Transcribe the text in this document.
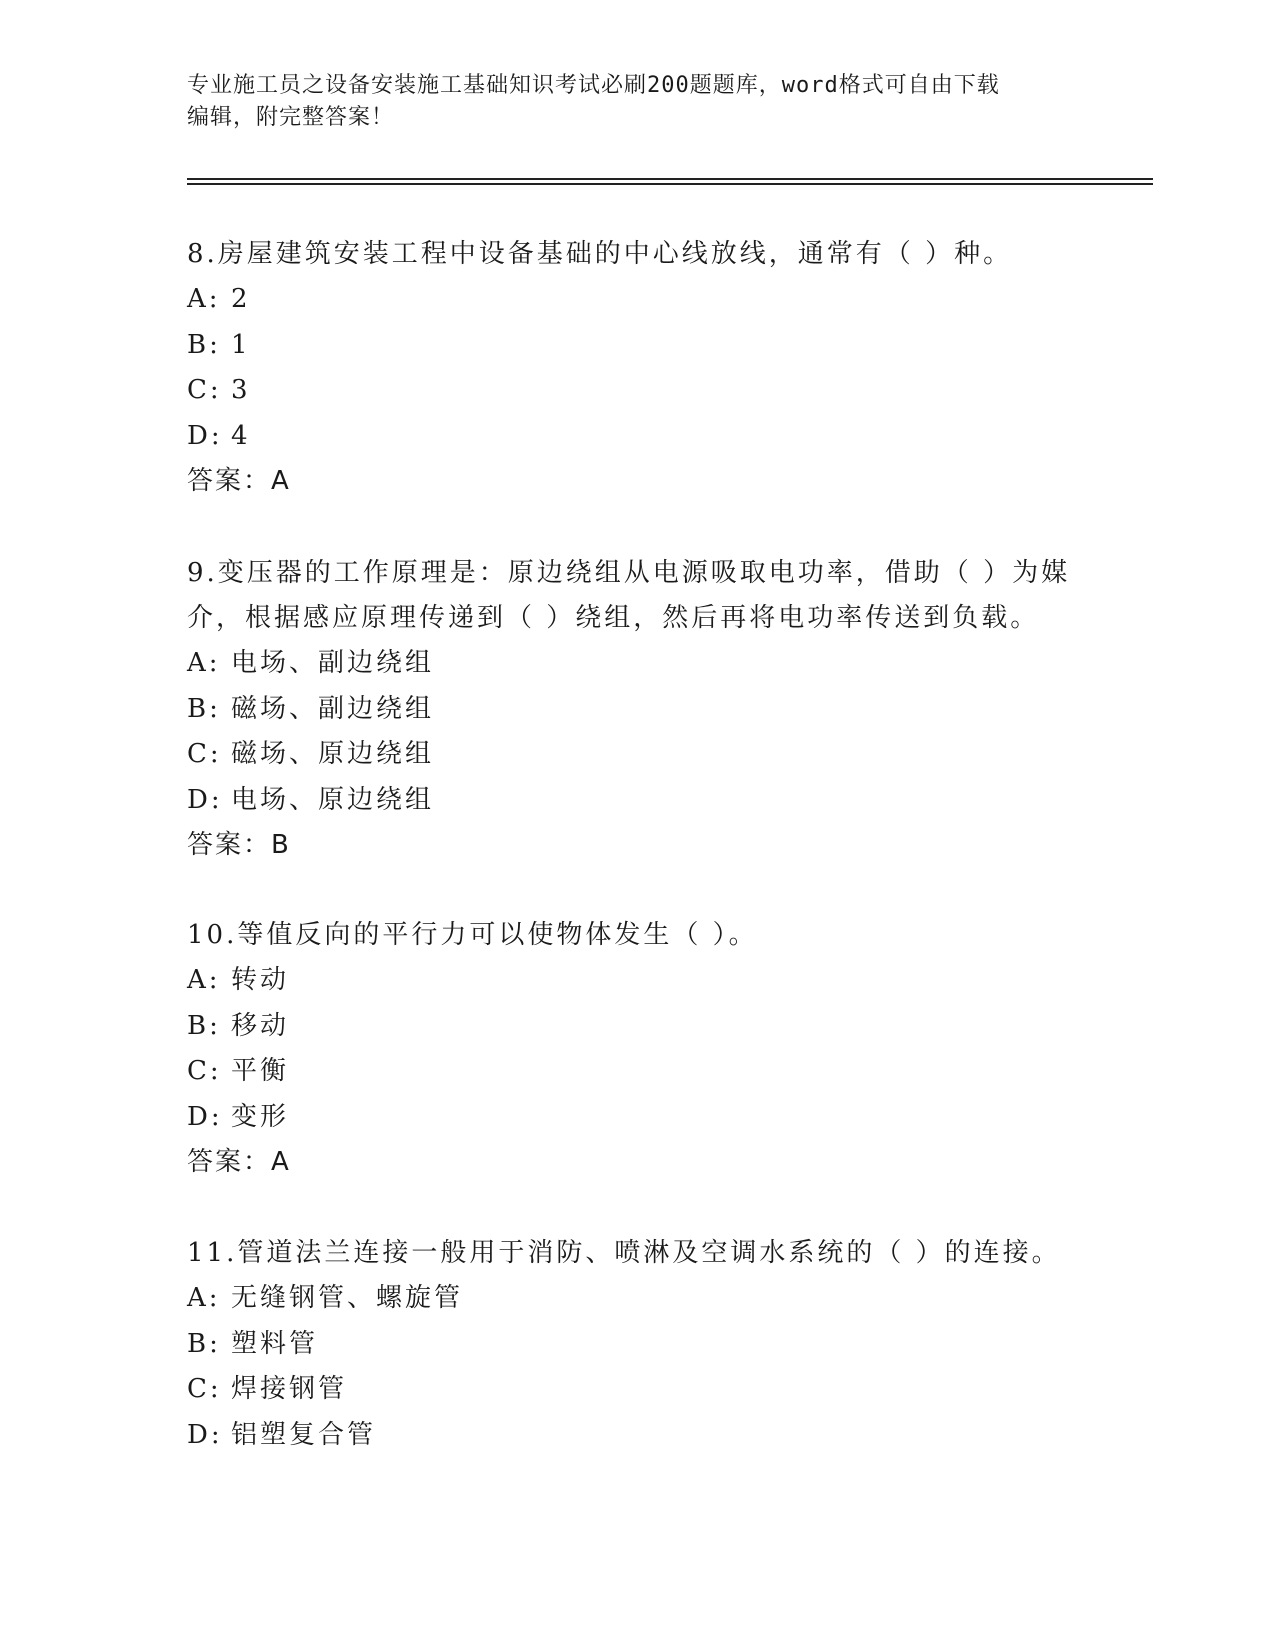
专业施工员之设备安装施工基础知识考试必刷200题题库，word格式可自由下载
编辑，附完整答案！

8.房屋建筑安装工程中设备基础的中心线放线，通常有（ ）种。

A: 2

B: 1

C: 3

D: 4

答案：A

9.变压器的工作原理是：原边绕组从电源吸取电功率，借助（ ）为媒介，根据感应原理传递到（ ）绕组，然后再将电功率传送到负载。

A: 电场、副边绕组

B: 磁场、副边绕组

C: 磁场、原边绕组

D: 电场、原边绕组

答案：B

10.等值反向的平行力可以使物体发生（ ）。

A: 转动

B: 移动

C: 平衡

D: 变形

答案：A

11.管道法兰连接一般用于消防、喷淋及空调水系统的（ ）的连接。

A: 无缝钢管、螺旋管

B: 塑料管

C: 焊接钢管

D: 铝塑复合管
